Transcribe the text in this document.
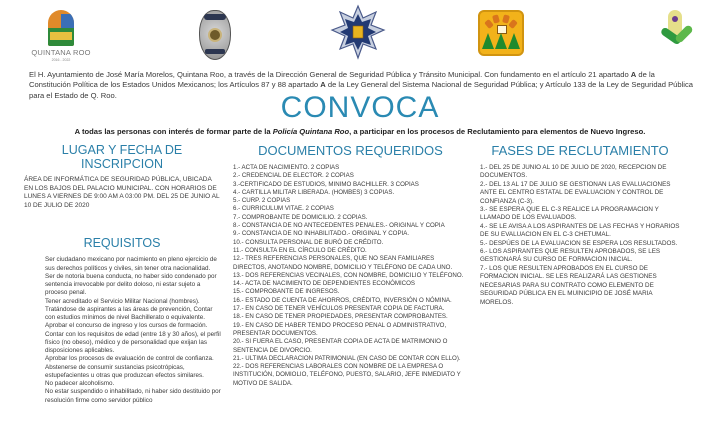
QUINTANA ROO
2016 - 2022
El H. Ayuntamiento de José María Morelos, Quintana Roo, a través de la Dirección General de Seguridad Pública y Tránsito Municipal. Con fundamento en el artículo 21 apartado A de la Constitución Política de los Estados Unidos Mexicanos; los Artículos 87 y 88 apartado A de la Ley General del Sistema Nacional de Seguridad Pública; y Artículo 133 de la Ley de Seguridad Pública para el Estado de Q. Roo.	CONVOCA
A todas las personas con interés de formar parte de la Policía Quintana Roo, a participar en los procesos de Reclutamiento para elementos de Nuevo Ingreso.
LUGAR Y FECHA DE INSCRIPCION
ÁREA DE INFORMÁTICA DE SEGURIDAD PÚBLICA, UBICADA EN LOS BAJOS DEL PALACIO MUNICIPAL. CON HORARIOS DE LUNES A VIERNES DE 9:00 AM A 03:00 PM. DEL 25 DE JUNIO AL 10 DE JULIO DE 2020
REQUISITOS
Ser ciudadano mexicano por nacimiento en pleno ejercicio de sus derechos políticos y civiles, sin tener otra nacionalidad.
Ser de notoria buena conducta, no haber sido condenado por sentencia irrevocable por delito doloso, ni estar sujeto a proceso penal.
Tener acreditado el Servicio Militar Nacional (hombres).
Tratándose de aspirantes a las áreas de prevención, Contar con estudios mínimos de nivel Bachillerato o equivalente.
Aprobar el concurso de ingreso y los cursos de formación.
Contar con los requisitos de edad (entre 18 y 30 años), el perfil físico (no obeso), médico y de personalidad que exijan las disposiciones aplicables.
Aprobar los procesos de evaluación de control de confianza.
Abstenerse de consumir sustancias psicotrópicas, estupefacientes u otras que produzcan efectos similares.
No padecer alcoholismo.
No estar suspendido o inhabilitado, ni haber sido destituido por resolución firme como servidor público
DOCUMENTOS REQUERIDOS
1.- ACTA DE NACIMIENTO. 2 COPIAS
2.- CREDENCIAL DE ELECTOR. 2 COPIAS
3.-CERTIFICADO DE ESTUDIOS, MINIMO BACHILLER. 3 COPIAS
4.- CARTILLA MILITAR LIBERADA. (HOMBES) 3 COPIAS.
5.- CURP. 2 COPIAS
6.- CURRICULUM VITAE. 2 COPIAS
7.- COMPROBANTE DE DOMICILIO. 2 COPIAS.
8.- CONSTANCIA DE NO ANTECEDENTES PENALES.- ORIGINAL Y COPIA
9.- CONSTANCIA DE NO INHABILITADO.- ORIGINAL Y COPIA.
10.- CONSULTA PERSONAL DE BURÓ DE CRÉDITO.
11.- CONSULTA EN EL CÍRCULO DE CRÉDITO.
12.- TRES REFERENCIAS PERSONALES, QUE NO SEAN FAMILIARES DIRECTOS, ANOTANDO NOMBRE, DOMICILIO Y TELÉFONO DE CADA UNO.
13.- DOS REFERENCIAS VECINALES, CON NOMBRE, DOMICILIO Y TELÉFONO.
14.- ACTA DE NACIMIENTO DE DEPENDIENTES ECONÓMICOS
15.- COMPROBANTE DE INGRESOS.
16.- ESTADO DE CUENTA DE AHORROS, CRÉDITO, INVERSIÓN O NÓMINA.
17.- EN CASO DE TENER VEHÍCULOS PRESENTAR COPIA DE FACTURA.
18.- EN CASO DE TENER PROPIEDADES, PRESENTAR COMPROBANTES.
19.- EN CASO DE HABER TENIDO PROCESO PENAL O ADMINISTRATIVO, PRESENTAR DOCUMENTOS.
20.- SI FUERA EL CASO, PRESENTAR COPIA DE ACTA DE MATRIMONIO O SENTENCIA DE DIVORCIO.
21.- ULTIMA DECLARACION PATRIMONIAL (EN CASO DE CONTAR CON ELLO).
22.- DOS REFERENCIAS LABORALES CON NOMBRE DE LA EMPRESA O INSTITUCIÓN, DOMIOLIO, TELÉFONO, PUESTO, SALARIO, JEFE INMEDIATO Y MOTIVO DE SALIDA.
FASES DE RECLUTAMIENTO
1.- DEL 25 DE JUNIO AL 10 DE JULIO DE 2020, RECEPCION DE DOCUMENTOS.
2.- DEL 13 AL 17 DE JULIO SE GESTIONAN LAS EVALUACIONES ANTE EL CENTRO ESTATAL DE EVALUACION Y CONTROL DE CONFIANZA (C-3).
3.- SE ESPERA QUE EL C-3 REALICE LA PROGRAMACION Y LLAMADO DE LOS EVALUADOS.
4.- SE LE AVISA A LOS ASPIRANTES DE LAS FECHAS Y HORARIOS DE SU EVALUACION EN EL C-3 CHETUMAL.
5.- DESPÚES DE LA EVALUACION SE ESPERA LOS RESULTADOS.
6.- LOS ASPIRANTES QUE RESULTEN APROBADOS, SE LES GESTIONARÁ SU CURSO DE FORMACION INICIAL.
7.- LOS QUE RESULTEN APROBADOS EN EL CURSO DE FORMACION INICIAL. SE LES REALIZARÁ LAS GESTIONES NECESARIAS PARA SU CONTRATO COMO ELEMENTO DE SEGURIDAD PÚBLICA EN EL MUINICIPIO DE JOSÉ MARIA MORELOS.
